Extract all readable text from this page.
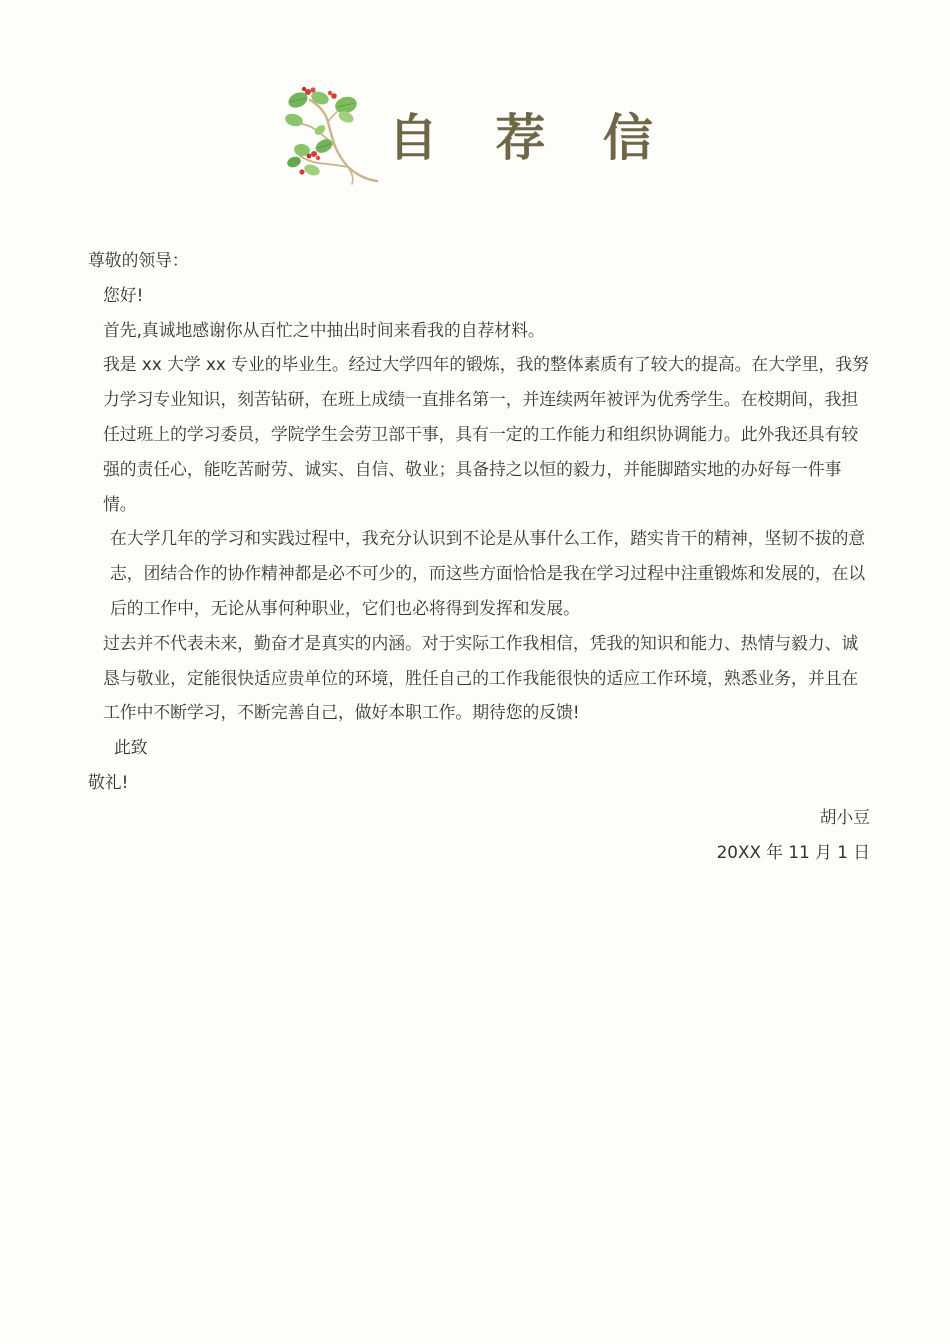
自 荐 信

尊敬的领导：

您好!

首先,真诚地感谢你从百忙之中抽出时间来看我的自荐材料。

我是 xx 大学 xx 专业的毕业生。经过大学四年的锻炼，我的整体素质有了较大的提高。在大学里，我努力学习专业知识，刻苦钻研，在班上成绩一直排名第一，并连续两年被评为优秀学生。在校期间，我担任过班上的学习委员，学院学生会劳卫部干事，具有一定的工作能力和组织协调能力。此外我还具有较强的责任心，能吃苦耐劳、诚实、自信、敬业；具备持之以恒的毅力，并能脚踏实地的办好每一件事情。

在大学几年的学习和实践过程中，我充分认识到不论是从事什么工作，踏实肯干的精神，坚韧不拔的意志，团结合作的协作精神都是必不可少的，而这些方面恰恰是我在学习过程中注重锻炼和发展的，在以后的工作中，无论从事何种职业，它们也必将得到发挥和发展。

过去并不代表未来，勤奋才是真实的内涵。对于实际工作我相信，凭我的知识和能力、热情与毅力、诚恳与敬业，定能很快适应贵单位的环境，胜任自己的工作我能很快的适应工作环境，熟悉业务，并且在工作中不断学习，不断完善自己，做好本职工作。期待您的反馈!

此致

敬礼!

胡小豆

20XX 年 11 月 1 日
